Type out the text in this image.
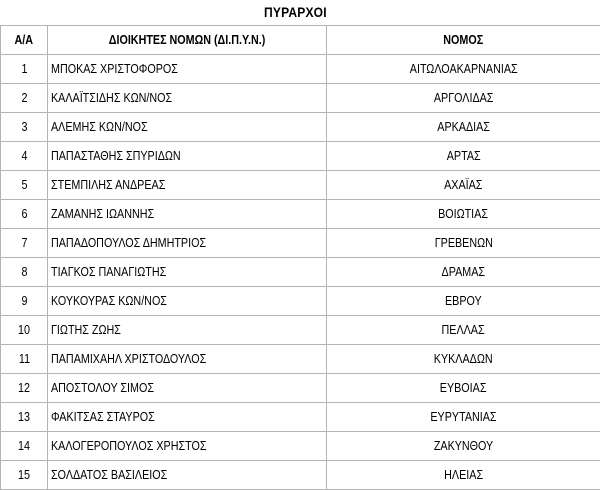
ΠΥΡΑΡΧΟΙ
Α/Α	ΔΙΟΙΚΗΤΕΣ ΝΟΜΩΝ (ΔΙ.Π.Υ.Ν.)	ΝΟΜΟΣ
1	ΜΠΟΚΑΣ ΧΡΙΣΤΟΦΟΡΟΣ	ΑΙΤΩΛΟΑΚΑΡΝΑΝΙΑΣ
2	ΚΑΛΑΪΤΣΙΔΗΣ ΚΩΝ/ΝΟΣ	ΑΡΓΟΛΙΔΑΣ
3	ΑΛΕΜΗΣ ΚΩΝ/ΝΟΣ	ΑΡΚΑΔΙΑΣ
4	ΠΑΠΑΣΤΑΘΗΣ ΣΠΥΡΙΔΩΝ	ΑΡΤΑΣ
5	ΣΤΕΜΠΙΛΗΣ ΑΝΔΡΕΑΣ	ΑΧΑΪΑΣ
6	ΖΑΜΑΝΗΣ ΙΩΑΝΝΗΣ	ΒΟΙΩΤΙΑΣ
7	ΠΑΠΑΔΟΠΟΥΛΟΣ ΔΗΜΗΤΡΙΟΣ	ΓΡΕΒΕΝΩΝ
8	ΤΙΑΓΚΟΣ ΠΑΝΑΓΙΩΤΗΣ	ΔΡΑΜΑΣ
9	ΚΟΥΚΟΥΡΑΣ ΚΩΝ/ΝΟΣ	ΕΒΡΟΥ
10	ΓΙΩΤΗΣ ΖΩΗΣ	ΠΕΛΛΑΣ
11	ΠΑΠΑΜΙΧΑΗΛ ΧΡΙΣΤΟΔΟΥΛΟΣ	ΚΥΚΛΑΔΩΝ
12	ΑΠΟΣΤΟΛΟΥ ΣΙΜΟΣ	ΕΥΒΟΙΑΣ
13	ΦΑΚΙΤΣΑΣ ΣΤΑΥΡΟΣ	ΕΥΡΥΤΑΝΙΑΣ
14	ΚΑΛΟΓΕΡΟΠΟΥΛΟΣ ΧΡΗΣΤΟΣ	ΖΑΚΥΝΘΟΥ
15	ΣΟΛΔΑΤΟΣ ΒΑΣΙΛΕΙΟΣ	ΗΛΕΙΑΣ
